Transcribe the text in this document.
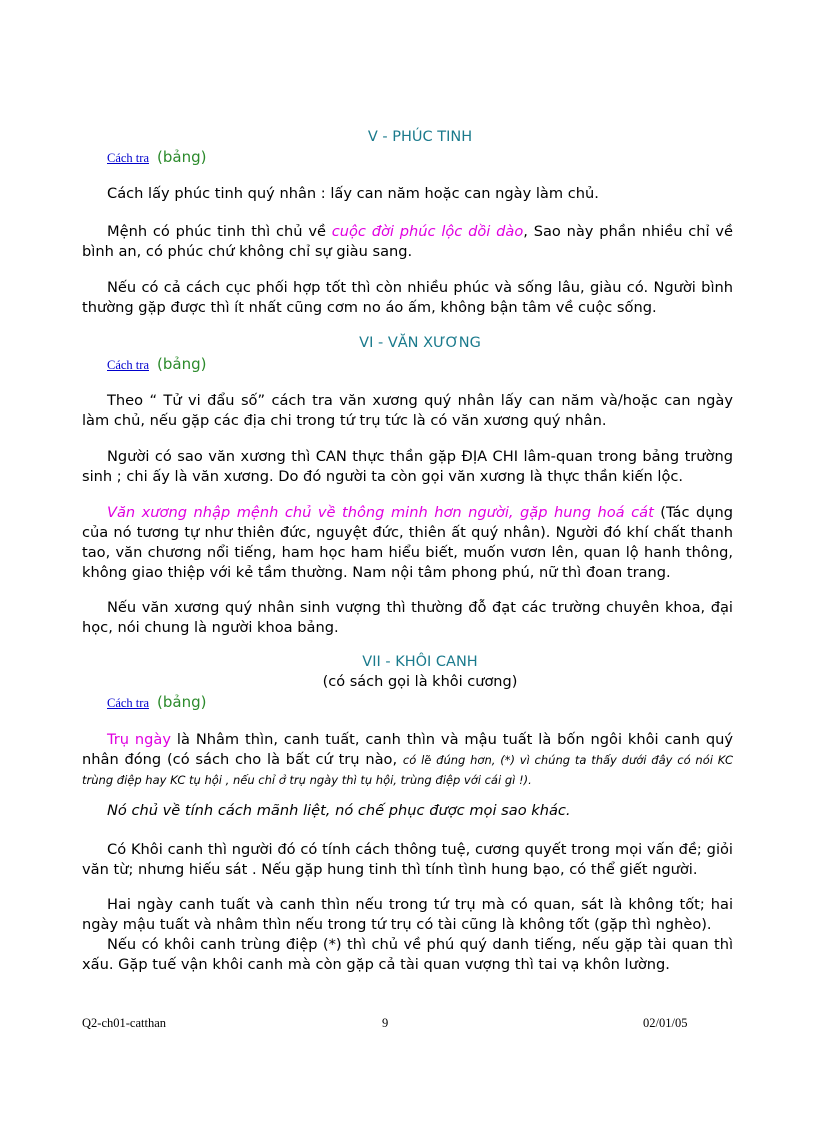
V - PHÚC TINH
Cách tra (bảng)
Cách lấy phúc tinh quý nhân : lấy can năm hoặc can ngày làm chủ.
Mệnh có phúc tinh thì chủ về cuộc đời phúc lộc dồi dào, Sao này phần nhiều chỉ về bình an, có phúc chứ không chỉ sự giàu sang.
Nếu có cả cách cục phối hợp tốt thì còn nhiều phúc và sống lâu, giàu có. Người bình thường gặp được thì ít nhất cũng cơm no áo ấm, không bận tâm về cuộc sống.
VI - VĂN XƯƠNG
Cách tra (bảng)
Theo “ Tử vi đẩu số” cách tra văn xương quý nhân lấy can năm và/hoặc can ngày làm chủ, nếu gặp các địa chi trong tứ trụ tức là có văn xương quý nhân.
Người có sao văn xương thì CAN thực thần gặp ĐỊA CHI lâm-quan trong bảng trường sinh ; chi ấy là văn xương. Do đó người ta còn gọi văn xương là thực thần kiến lộc.
Văn xương nhập mệnh chủ về thông minh hơn người, gặp hung hoá cát (Tác dụng của nó tương tự như thiên đức, nguyệt đức, thiên ất quý nhân). Người đó khí chất thanh tao, văn chương nổi tiếng, ham học ham hiểu biết, muốn vươn lên, quan lộ hanh thông, không giao thiệp với kẻ tầm thường. Nam nội tâm phong phú, nữ thì đoan trang.
Nếu văn xương quý nhân sinh vượng thì thường đỗ đạt các trường chuyên khoa, đại học, nói chung là người khoa bảng.
VII - KHÔI CANH
(có sách gọi là khôi cương)
Cách tra (bảng)
Trụ ngày là Nhâm thìn, canh tuất, canh thìn và mậu tuất là bốn ngôi khôi canh quý nhân đóng (có sách cho là bất cứ trụ nào, có lẽ đúng hơn, (*) vì chúng ta thấy dưới đây có nói KC trùng điệp hay KC tụ hội , nếu chỉ ở trụ ngày thì tụ hội, trùng điệp với cái gì !).
Nó chủ về tính cách mãnh liệt, nó chế phục được mọi sao khác.
Có Khôi canh thì người đó có tính cách thông tuệ, cương quyết trong mọi vấn đề; giỏi văn từ; nhưng hiếu sát . Nếu gặp hung tinh thì tính tình hung bạo, có thể giết người.
Hai ngày canh tuất và canh thìn nếu trong tứ trụ mà có quan, sát là không tốt; hai ngày mậu tuất và nhâm thìn nếu trong tứ trụ có tài cũng là không tốt (gặp thì nghèo).
Nếu có khôi canh trùng điệp (*) thì chủ về phú quý danh tiếng, nếu gặp tài quan thì xấu. Gặp tuế vận khôi canh mà còn gặp cả tài quan vượng thì tai vạ khôn lường.
Q2-ch01-catthan	9	02/01/05
